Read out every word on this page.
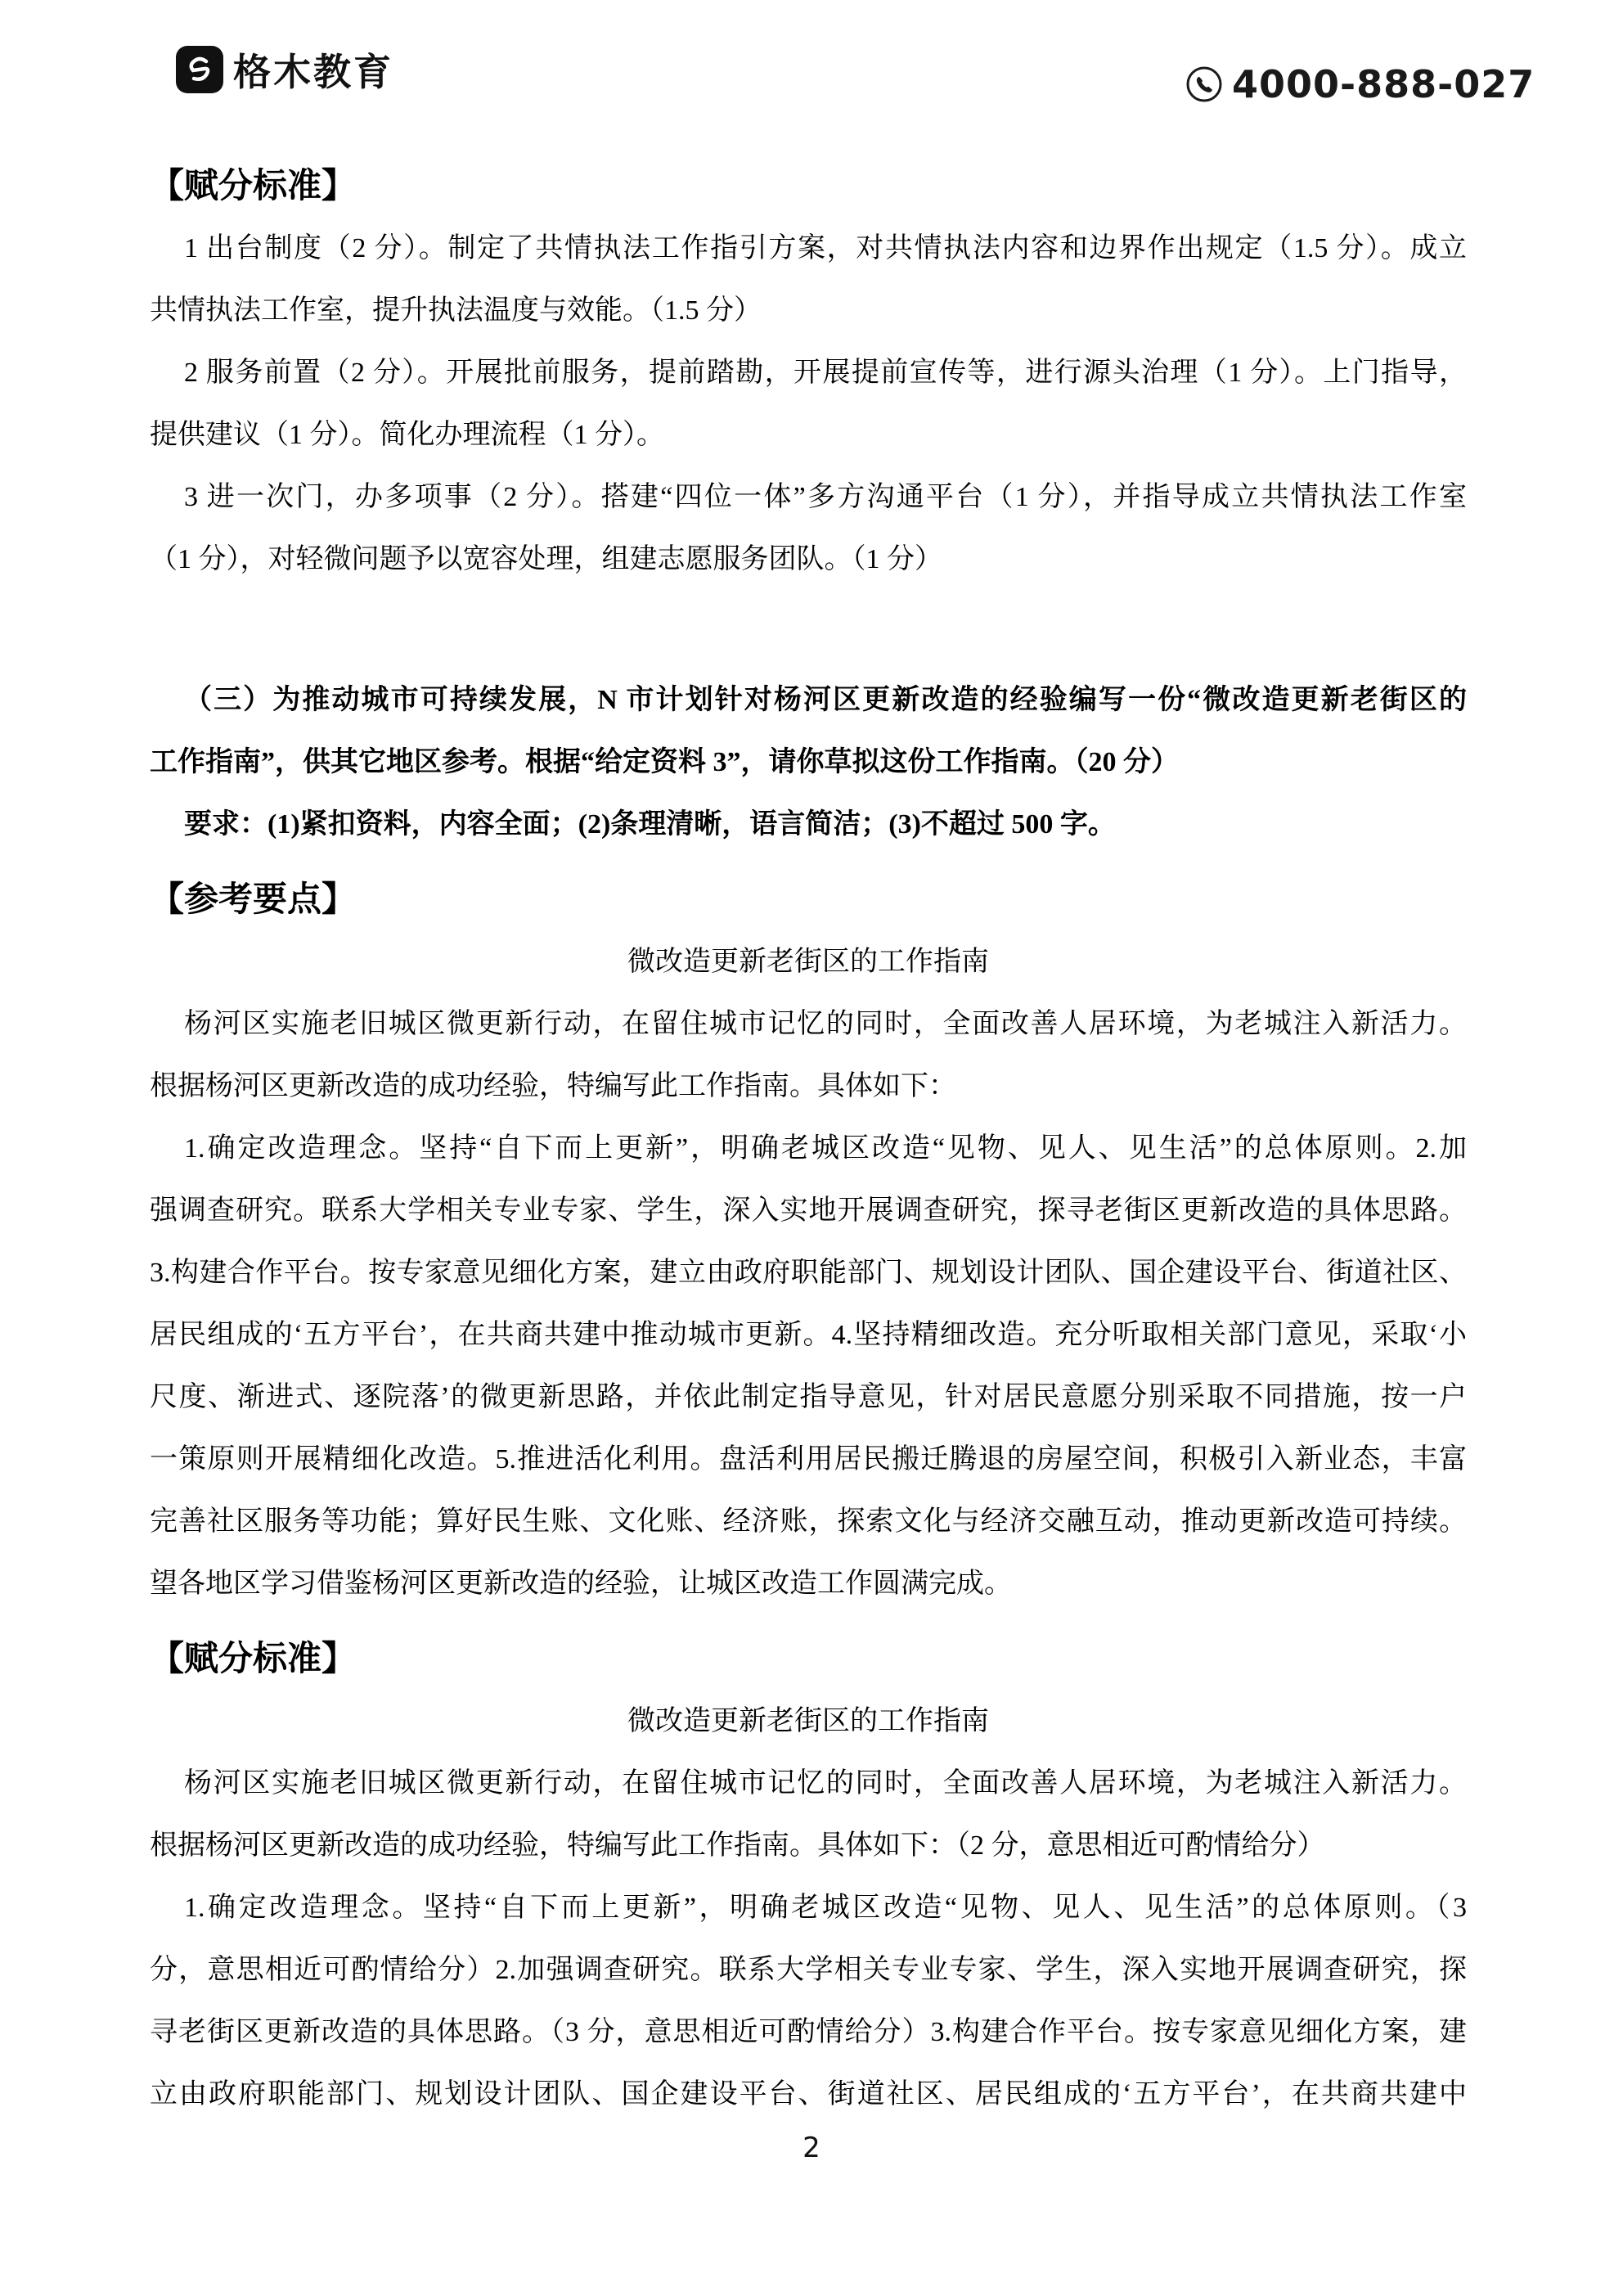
格木教育	4000-888-027
【赋分标准】
1 出台制度（2 分）。制定了共情执法工作指引方案，对共情执法内容和边界作出规定（1.5 分）。成立
共情执法工作室，提升执法温度与效能。（1.5 分）
2 服务前置（2 分）。开展批前服务，提前踏勘，开展提前宣传等，进行源头治理（1 分）。上门指导，
提供建议（1 分）。简化办理流程（1 分）。
3 进一次门，办多项事（2 分）。搭建“四位一体”多方沟通平台（1 分），并指导成立共情执法工作室
（1 分），对轻微问题予以宽容处理，组建志愿服务团队。（1 分）
（三）为推动城市可持续发展，N 市计划针对杨河区更新改造的经验编写一份“微改造更新老街区的
工作指南”，供其它地区参考。根据“给定资料 3”，请你草拟这份工作指南。（20 分）
要求：(1)紧扣资料，内容全面；(2)条理清晰，语言简洁；(3)不超过 500 字。
【参考要点】
微改造更新老街区的工作指南
杨河区实施老旧城区微更新行动，在留住城市记忆的同时，全面改善人居环境，为老城注入新活力。
根据杨河区更新改造的成功经验，特编写此工作指南。具体如下：
1.确定改造理念。坚持“自下而上更新”，明确老城区改造“见物、见人、见生活”的总体原则。2.加
强调查研究。联系大学相关专业专家、学生，深入实地开展调查研究，探寻老街区更新改造的具体思路。
3.构建合作平台。按专家意见细化方案，建立由政府职能部门、规划设计团队、国企建设平台、街道社区、
居民组成的‘五方平台’，在共商共建中推动城市更新。4.坚持精细改造。充分听取相关部门意见，采取‘小
尺度、渐进式、逐院落’的微更新思路，并依此制定指导意见，针对居民意愿分别采取不同措施，按一户
一策原则开展精细化改造。5.推进活化利用。盘活利用居民搬迁腾退的房屋空间，积极引入新业态，丰富
完善社区服务等功能；算好民生账、文化账、经济账，探索文化与经济交融互动，推动更新改造可持续。
望各地区学习借鉴杨河区更新改造的经验，让城区改造工作圆满完成。
【赋分标准】
微改造更新老街区的工作指南
杨河区实施老旧城区微更新行动，在留住城市记忆的同时，全面改善人居环境，为老城注入新活力。
根据杨河区更新改造的成功经验，特编写此工作指南。具体如下：（2 分，意思相近可酌情给分）
1.确定改造理念。坚持“自下而上更新”，明确老城区改造“见物、见人、见生活”的总体原则。（3
分，意思相近可酌情给分）2.加强调查研究。联系大学相关专业专家、学生，深入实地开展调查研究，探
寻老街区更新改造的具体思路。（3 分，意思相近可酌情给分）3.构建合作平台。按专家意见细化方案，建
立由政府职能部门、规划设计团队、国企建设平台、街道社区、居民组成的‘五方平台’，在共商共建中
2
